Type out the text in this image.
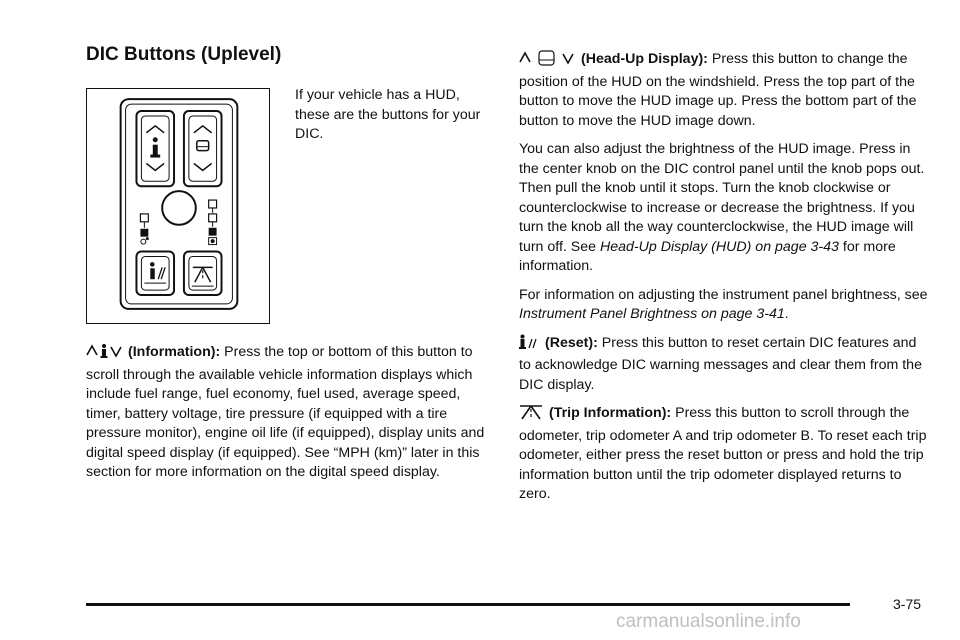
DIC Buttons (Uplevel)

If your vehicle has a HUD, these are the buttons for your DIC.

(Information): Press the top or bottom of this button to scroll through the available vehicle information displays which include fuel range, fuel economy, fuel used, average speed, timer, battery voltage, tire pressure (if equipped with a tire pressure monitor), engine oil life (if equipped), display units and digital speed display (if equipped). See “MPH (km)” later in this section for more information on the digital speed display.

(Head-Up Display): Press this button to change the position of the HUD on the windshield. Press the top part of the button to move the HUD image up. Press the bottom part of the button to move the HUD image down.

You can also adjust the brightness of the HUD image. Press in the center knob on the DIC control panel until the knob pops out. Then pull the knob until it stops. Turn the knob clockwise or counterclockwise to increase or decrease the brightness. If you turn the knob all the way counterclockwise, the HUD image will turn off. See Head-Up Display (HUD) on page 3-43 for more information.

For information on adjusting the instrument panel brightness, see Instrument Panel Brightness on page 3-41.

(Reset): Press this button to reset certain DIC features and to acknowledge DIC warning messages and clear them from the DIC display.

(Trip Information): Press this button to scroll through the odometer, trip odometer A and trip odometer B. To reset each trip odometer, either press the reset button or press and hold the trip information button until the trip odometer displayed returns to zero.

3-75
carmanualsonline.info
